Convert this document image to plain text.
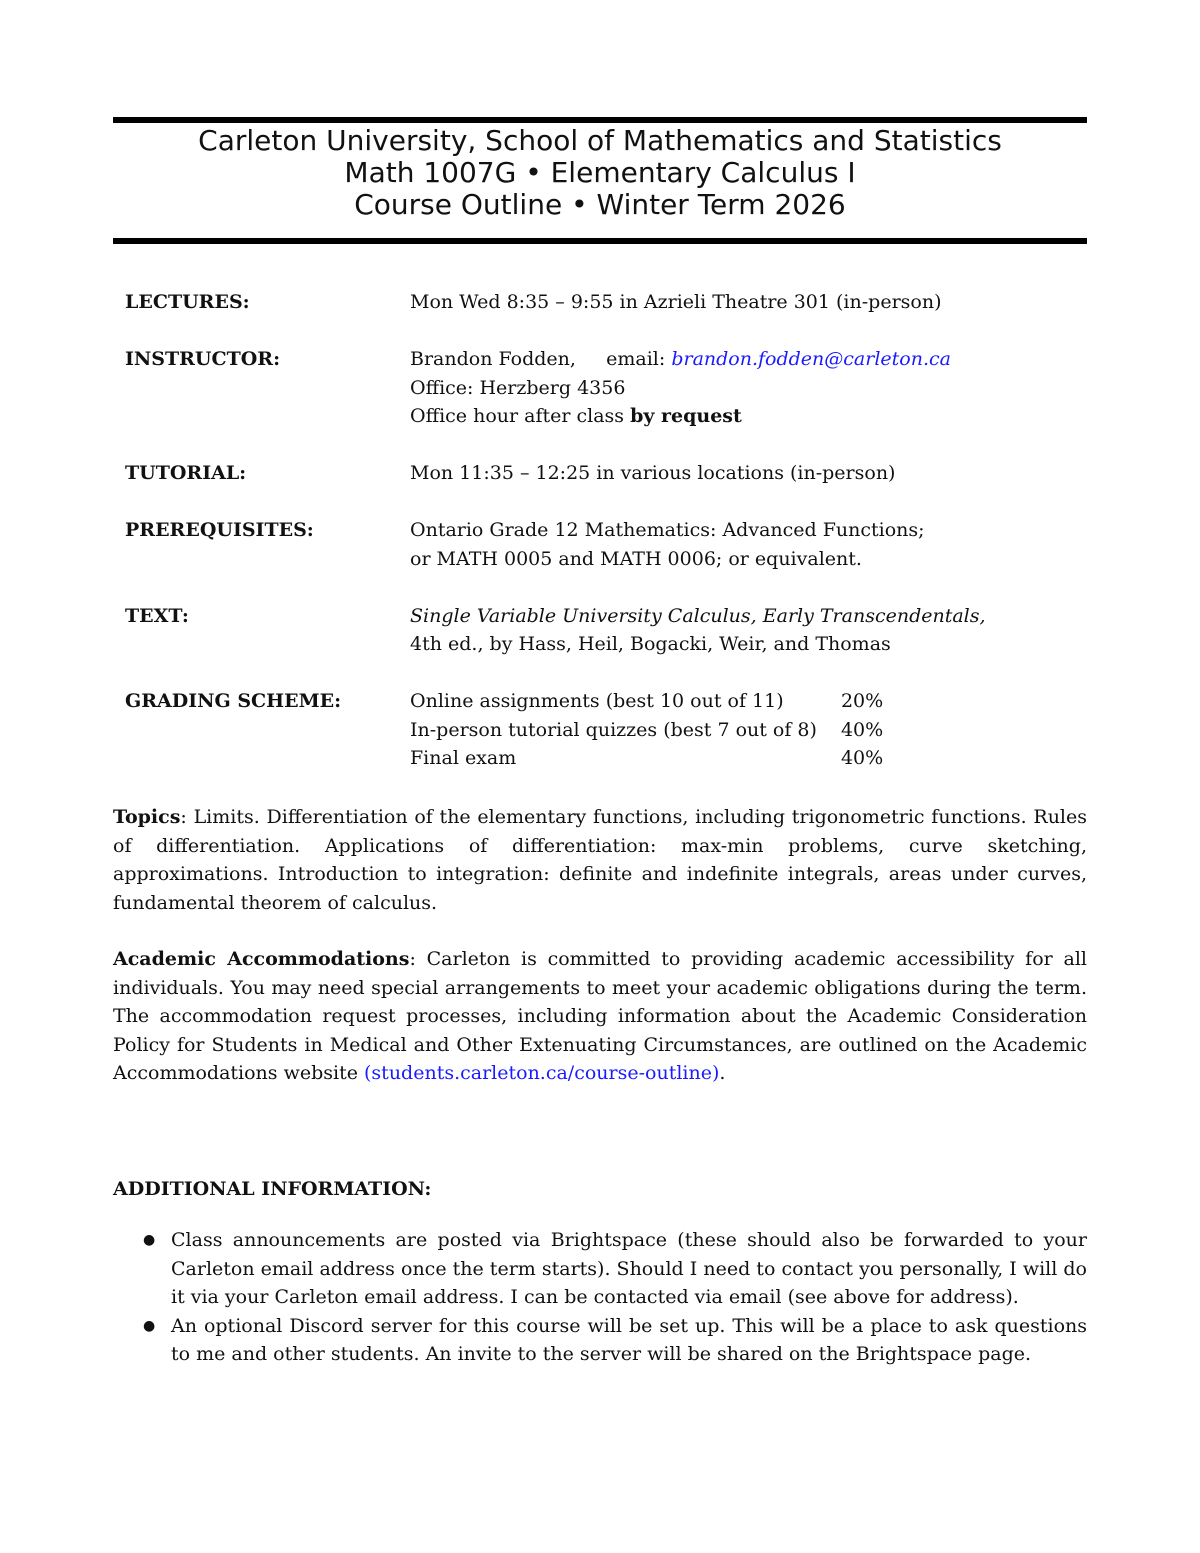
Carleton University, School of Mathematics and Statistics
Math 1007G • Elementary Calculus I
Course Outline • Winter Term 2026
LECTURES:	Mon Wed 8:35 – 9:55 in Azrieli Theatre 301 (in-person)
INSTRUCTOR:	Brandon Fodden, email: brandon.fodden@carleton.ca
Office: Herzberg 4356
Office hour after class by request
TUTORIAL:	Mon 11:35 – 12:25 in various locations (in-person)
PREREQUISITES:	Ontario Grade 12 Mathematics: Advanced Functions;
or MATH 0005 and MATH 0006; or equivalent.
TEXT:	Single Variable University Calculus, Early Transcendentals,
4th ed., by Hass, Heil, Bogacki, Weir, and Thomas
GRADING SCHEME:	Online assignments (best 10 out of 11)	20%
In-person tutorial quizzes (best 7 out of 8)	40%
Final exam	40%
Topics: Limits. Differentiation of the elementary functions, including trigonometric functions. Rules of differentiation. Applications of differentiation: max-min problems, curve sketching, approximations. Introduction to integration: definite and indefinite integrals, areas under curves, fundamental theorem of calculus.
Academic Accommodations: Carleton is committed to providing academic accessibility for all individuals. You may need special arrangements to meet your academic obligations during the term. The accommodation request processes, including information about the Academic Consideration Policy for Students in Medical and Other Extenuating Circumstances, are outlined on the Academic Accommodations website (students.carleton.ca/course-outline).
ADDITIONAL INFORMATION:
● Class announcements are posted via Brightspace (these should also be forwarded to your Carleton email address once the term starts). Should I need to contact you personally, I will do it via your Carleton email address. I can be contacted via email (see above for address).
● An optional Discord server for this course will be set up. This will be a place to ask questions to me and other students. An invite to the server will be shared on the Brightspace page.
